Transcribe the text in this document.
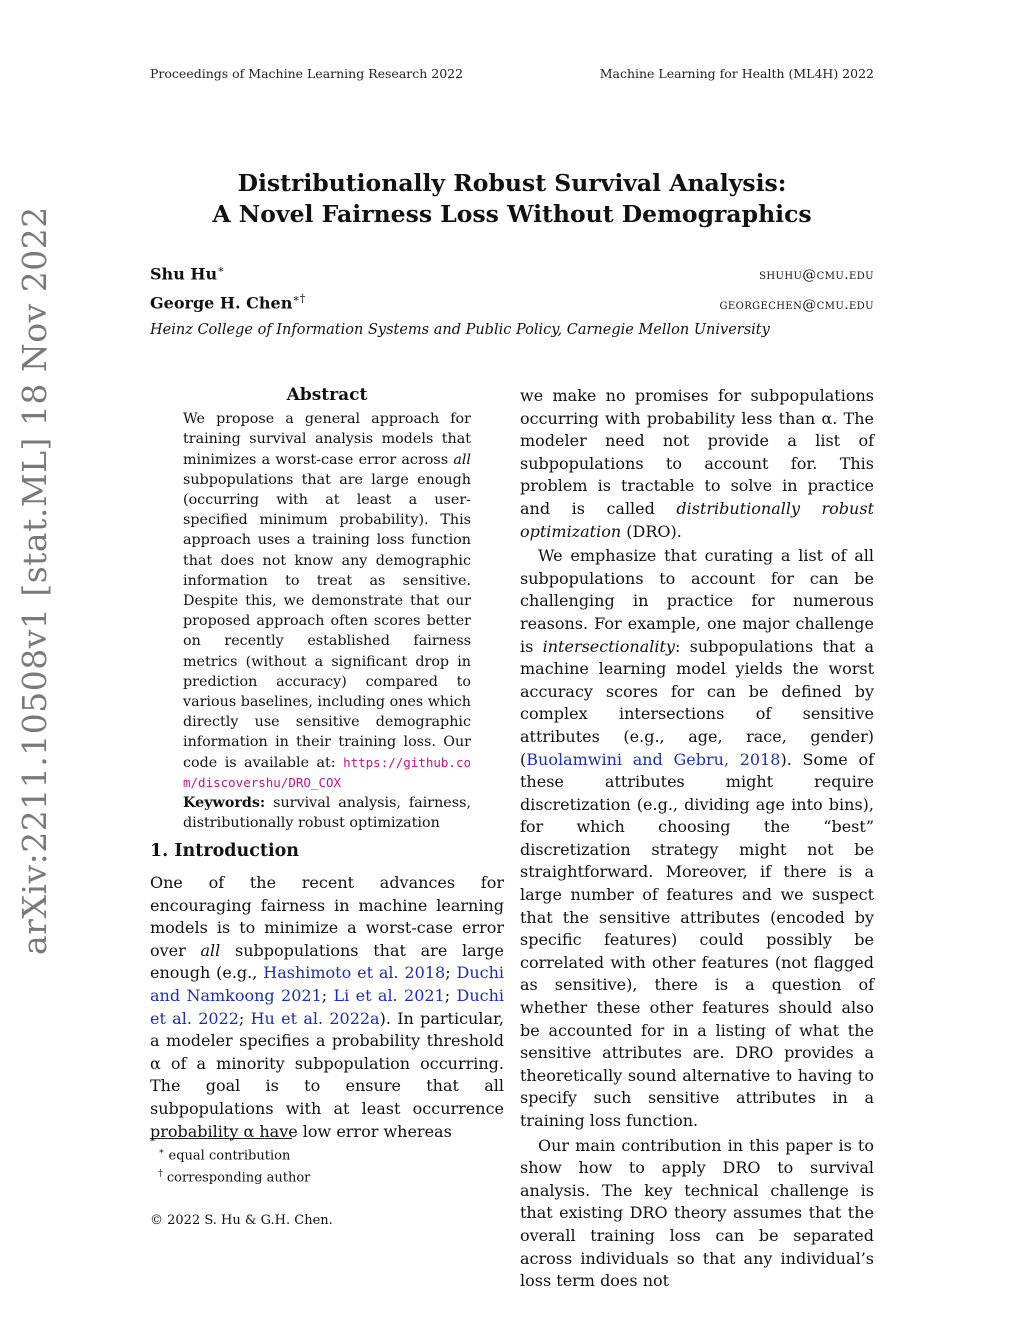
Proceedings of Machine Learning Research 2022	Machine Learning for Health (ML4H) 2022
arXiv:2211.10508v1 [stat.ML] 18 Nov 2022
Distributionally Robust Survival Analysis:
A Novel Fairness Loss Without Demographics
Shu Hu∗	shuhu@cmu.edu
George H. Chen∗†	georgechen@cmu.edu
Heinz College of Information Systems and Public Policy, Carnegie Mellon University
Abstract
We propose a general approach for training survival analysis models that minimizes a worst-case error across all subpopulations that are large enough (occurring with at least a user-specified minimum probability). This approach uses a training loss function that does not know any demographic information to treat as sensitive. Despite this, we demonstrate that our proposed approach often scores better on recently established fairness metrics (without a significant drop in prediction accuracy) compared to various baselines, including ones which directly use sensitive demographic information in their training loss. Our code is available at: https://github.com/discovershu/DRO_COX
Keywords: survival analysis, fairness, distributionally robust optimization
1. Introduction
One of the recent advances for encouraging fairness in machine learning models is to minimize a worst-case error over all subpopulations that are large enough (e.g., Hashimoto et al. 2018; Duchi and Namkoong 2021; Li et al. 2021; Duchi et al. 2022; Hu et al. 2022a). In particular, a modeler specifies a probability threshold α of a minority subpopulation occurring. The goal is to ensure that all subpopulations with at least occurrence probability α have low error whereas
∗ equal contribution
† corresponding author
© 2022 S. Hu & G.H. Chen.

we make no promises for subpopulations occurring with probability less than α. The modeler need not provide a list of subpopulations to account for. This problem is tractable to solve in practice and is called distributionally robust optimization (DRO).

We emphasize that curating a list of all subpopulations to account for can be challenging in practice for numerous reasons. For example, one major challenge is intersectionality: subpopulations that a machine learning model yields the worst accuracy scores for can be defined by complex intersections of sensitive attributes (e.g., age, race, gender) (Buolamwini and Gebru, 2018). Some of these attributes might require discretization (e.g., dividing age into bins), for which choosing the “best” discretization strategy might not be straightforward. Moreover, if there is a large number of features and we suspect that the sensitive attributes (encoded by specific features) could possibly be correlated with other features (not flagged as sensitive), there is a question of whether these other features should also be accounted for in a listing of what the sensitive attributes are. DRO provides a theoretically sound alternative to having to specify such sensitive attributes in a training loss function.

Our main contribution in this paper is to show how to apply DRO to survival analysis. The key technical challenge is that existing DRO theory assumes that the overall training loss can be separated across individuals so that any individual’s loss term does not
